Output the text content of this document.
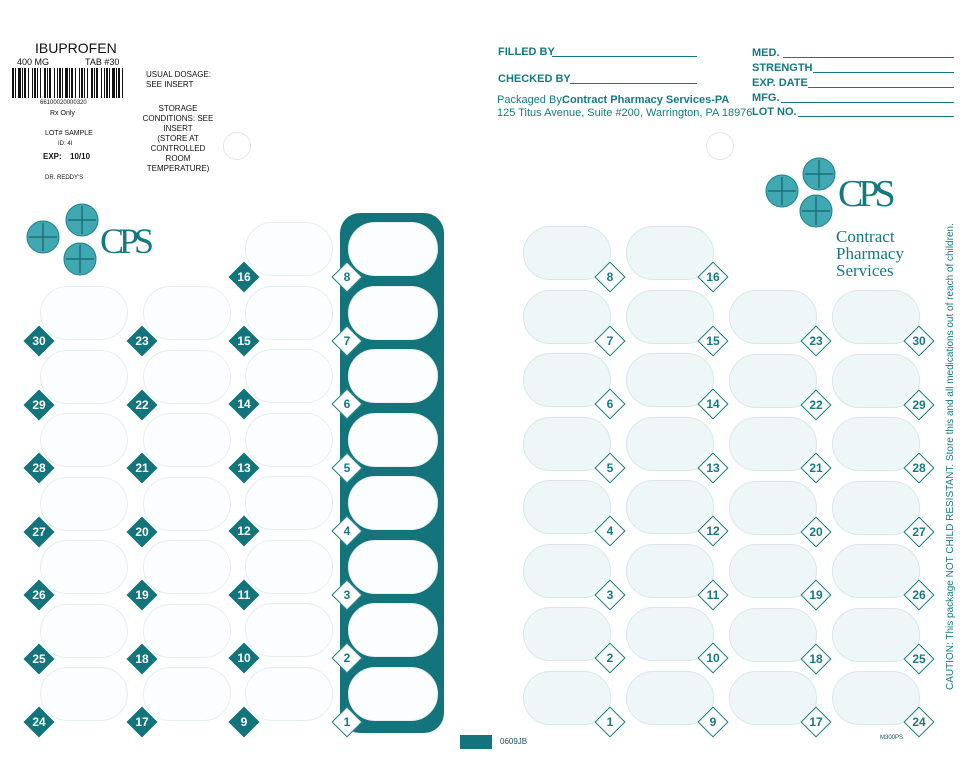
IBUPROFEN
400 MG	TAB #30
66100020000320
Rx Only
USUAL DOSAGE:
SEE INSERT
LOT# SAMPLE
ID: 4I
EXP: 10/10
DR. REDDY'S
STORAGE
CONDITIONS: SEE
INSERT
(STORE AT
CONTROLLED ROOM
TEMPERATURE)
CPS
FILLED BY
CHECKED BY
Packaged By:
Contract Pharmacy Services-PA
125 Titus Avenue, Suite #200, Warrington, PA 18976
MED.
STRENGTH
EXP. DATE
MFG.
LOT NO.
CPS
Contract
Pharmacy
Services
30
29
28
27
26
25
24
23
22
21
20
19
18
17
16
15
14
13
12
11
10
9
8
7
6
5
4
3
2
1
8
7
6
5
4
3
2
1
16
15
14
13
12
11
10
9
23
22
21
20
19
18
17
30
29
28
27
26
25
24
CAUTION: This package NOT CHILD RESISTANT. Store this and all medications out of reach of children.
0609JB	M300PS
